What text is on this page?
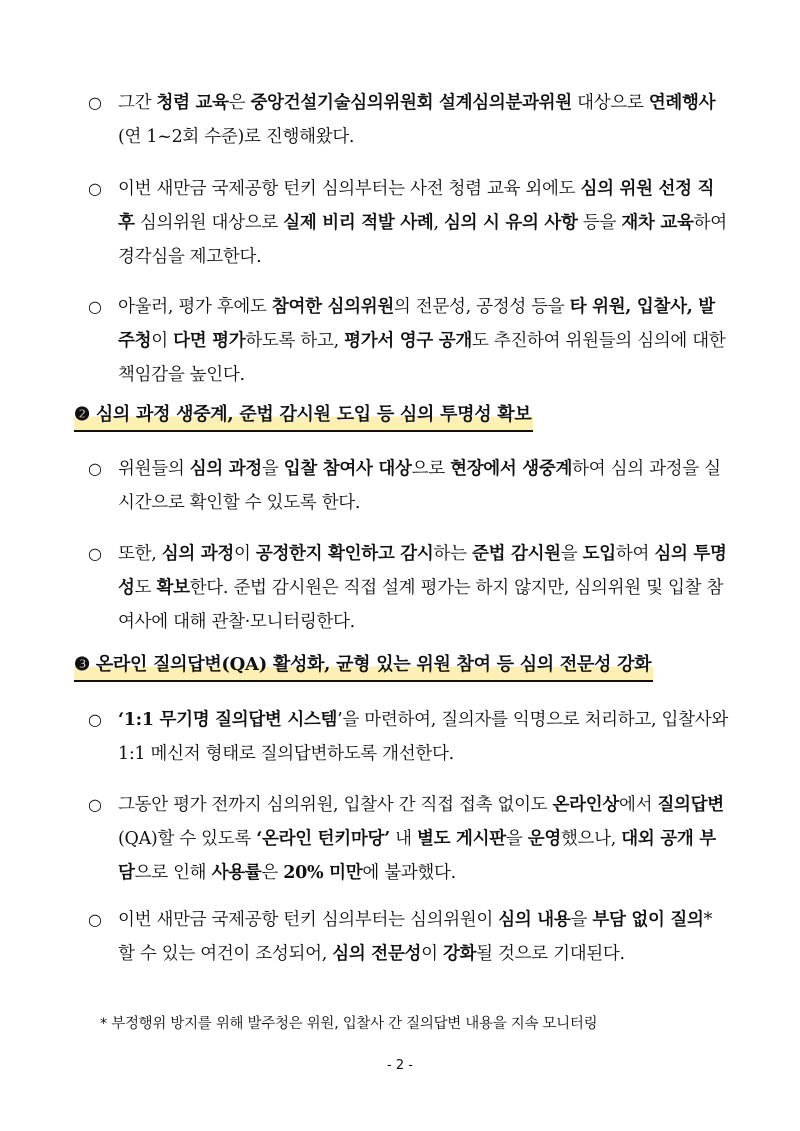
○ 그간 청렴 교육은 중앙건설기술심의위원회 설계심의분과위원 대상으로 연례행사(연 1~2회 수준)로 진행해왔다.
○ 이번 새만금 국제공항 턴키 심의부터는 사전 청렴 교육 외에도 심의 위원 선정 직후 심의위원 대상으로 실제 비리 적발 사례, 심의 시 유의 사항 등을 재차 교육하여 경각심을 제고한다.
○ 아울러, 평가 후에도 참여한 심의위원의 전문성, 공정성 등을 타 위원, 입찰사, 발주청이 다면 평가하도록 하고, 평가서 영구 공개도 추진하여 위원들의 심의에 대한 책임감을 높인다.
❷ 심의 과정 생중계, 준법 감시원 도입 등 심의 투명성 확보
○ 위원들의 심의 과정을 입찰 참여사 대상으로 현장에서 생중계하여 심의 과정을 실시간으로 확인할 수 있도록 한다.
○ 또한, 심의 과정이 공정한지 확인하고 감시하는 준법 감시원을 도입하여 심의 투명성도 확보한다. 준법 감시원은 직접 설계 평가는 하지 않지만, 심의위원 및 입찰 참여사에 대해 관찰·모니터링한다.
❸ 온라인 질의답변(QA) 활성화, 균형 있는 위원 참여 등 심의 전문성 강화
○ ‘1:1 무기명 질의답변 시스템’을 마련하여, 질의자를 익명으로 처리하고, 입찰사와 1:1 메신저 형태로 질의답변하도록 개선한다.
○ 그동안 평가 전까지 심의위원, 입찰사 간 직접 접촉 없이도 온라인상에서 질의답변(QA)할 수 있도록 ‘온라인 턴키마당’ 내 별도 게시판을 운영했으나, 대외 공개 부담으로 인해 사용률은 20% 미만에 불과했다.
○ 이번 새만금 국제공항 턴키 심의부터는 심의위원이 심의 내용을 부담 없이 질의*할 수 있는 여건이 조성되어, 심의 전문성이 강화될 것으로 기대된다.
* 부정행위 방지를 위해 발주청은 위원, 입찰사 간 질의답변 내용을 지속 모니터링
- 2 -
